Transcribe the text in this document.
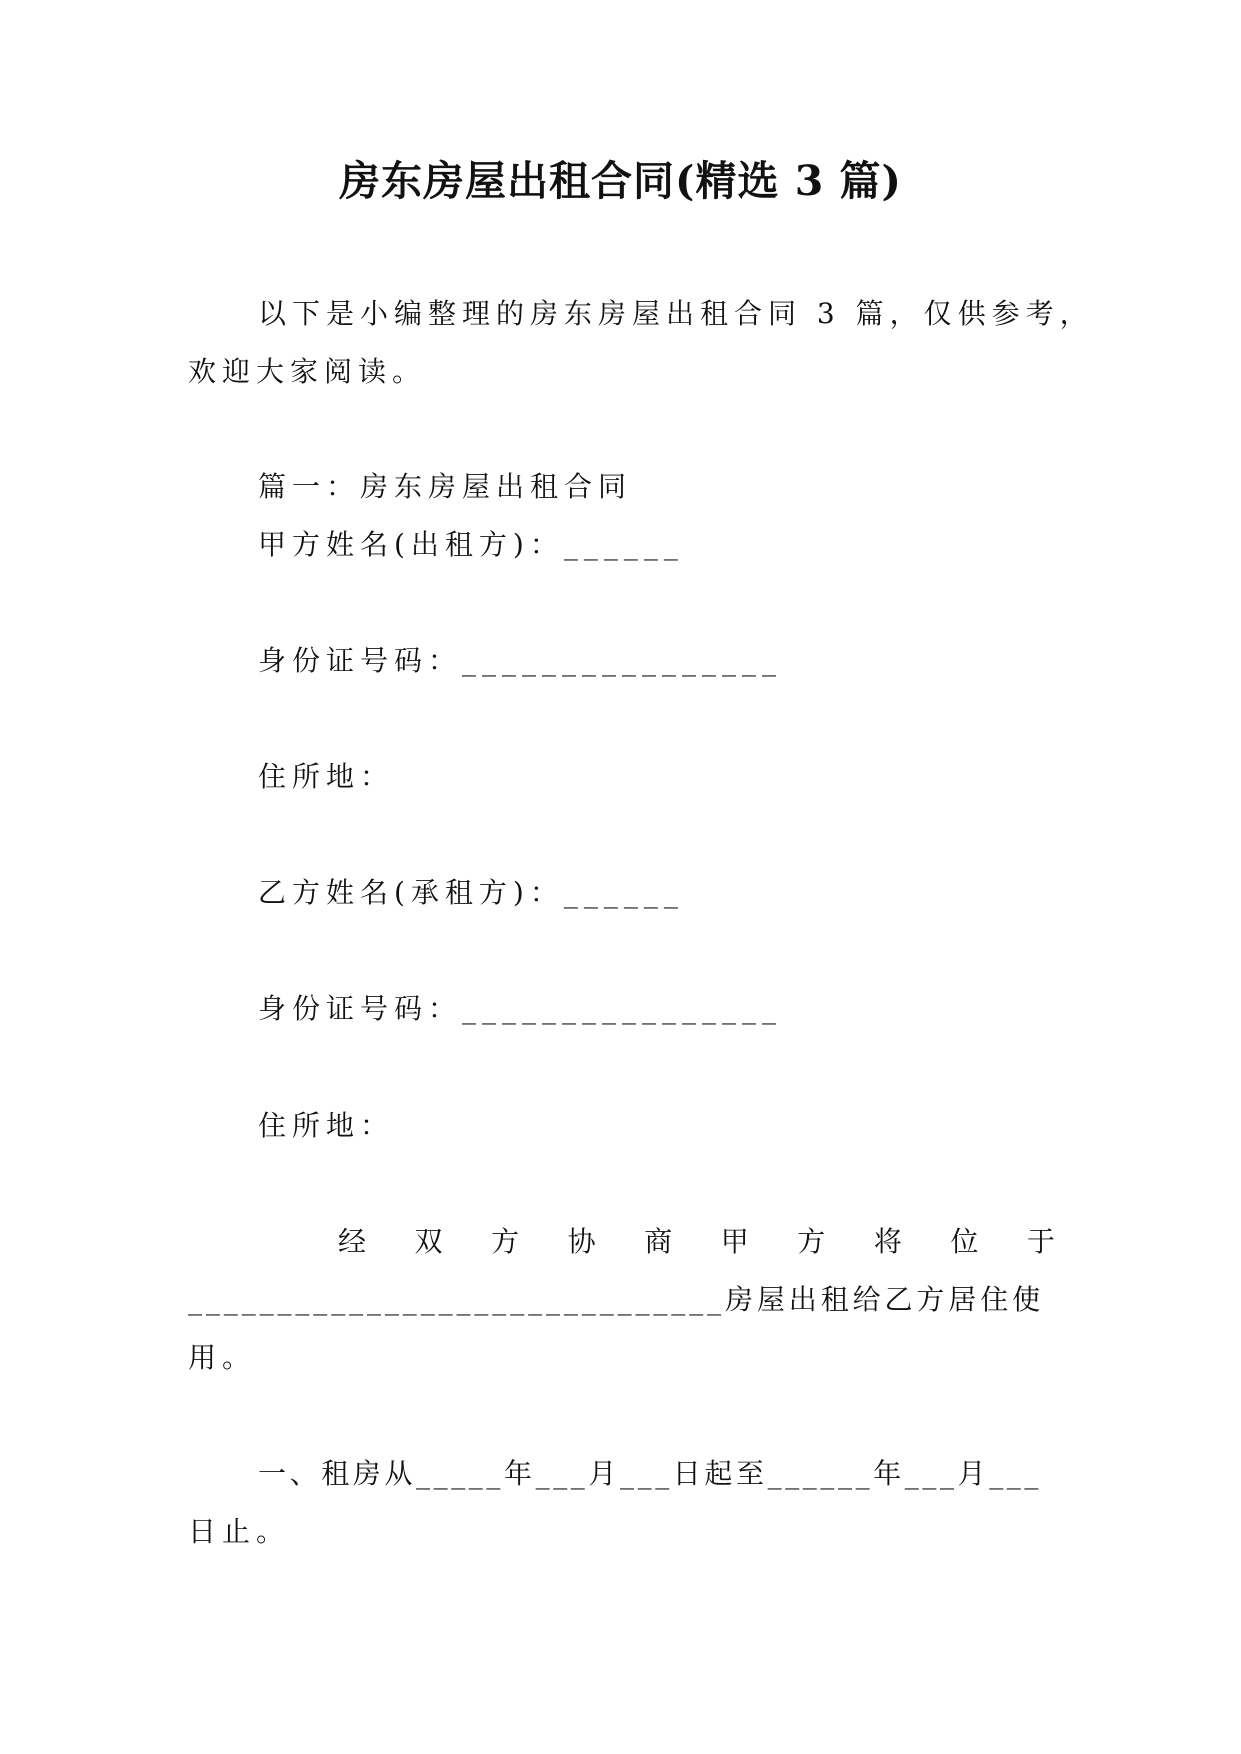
房东房屋出租合同(精选 3 篇)
以下是小编整理的房东房屋出租合同 3 篇，仅供参考，
欢迎大家阅读。
篇一：房东房屋出租合同
甲方姓名(出租方)：______
身份证号码：________________
住所地：
乙方姓名(承租方)：______
身份证号码：________________
住所地：
经 双 方 协 商 甲 方 将 位 于
______________________________房屋出租给乙方居住使
用。
一、租房从_____年___月___日起至______年___月___
日止。
